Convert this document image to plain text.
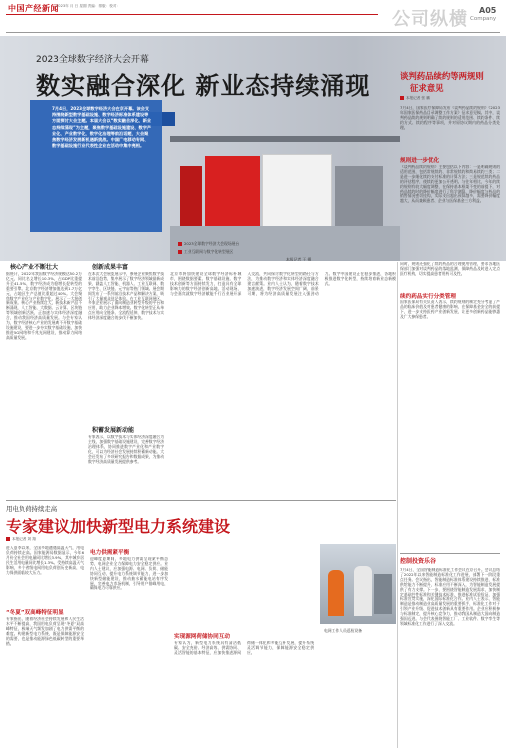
中国产经新闻
2023年 月 日 星期 责编：排版：校对：
公司纵横 A05
Company
2023全球数字经济大会开幕
数实融合深化 新业态持续涌现
7月4日，2023全球数字经济大会在京开幕。该会支持围绕新型数字基础设施、数字经济标准体系建设等方面探讨大会主题。本届大会以“数实融合深化、新业态持续涌现”为主题，聚焦数字基础设施建设、数字产业化、产业数字化，数字化治理等前沿话题，大会聚焦数字经济发展新机遇新挑战。中国广电移动专网、数字基础设施行业代表性企业在活动中集中亮相。
2023全球数字经济大会现场展台
工业互联网与数字化转型展区
本报记者 王 摄
谈判药品续约等两规则
征求意见
本报记者 张 鹏
7月4日，国家医疗保障局发布《谈判药品续约规则》《2023年国家医保药品目录调整工作方案》征求意见稿。其中，谈判药品续约规则明确了续约规则的适用范围、续约条件、续约方式、续约程序等事项，并对原协议期内的药品分类处理。
规则进一步优化
《谈判药品续约规则》主要包括以下内容：一是明确规则的适用范围，包括常规续约、非常规续约和简易续约三类；二是进一步细化续约支付标准的计算方法；三是规范续约药品的评估程序，使续约更加公开透明。与往年相比，今年的续约规则有较大幅度调整，在保持基本框架不变的前提下，对药品续约时的降价幅度进行了科学测算，降价幅度与药品的销售情况密切挂钩，实际支出超出预算越多，需要降价幅度越大，从而兼顾患者、企业与医保基金三方利益。
同时，规则还强化了续约药品的合理使用管理，要求各地医保部门加强对谈判药品的落地监测，保障药品及时进入定点医疗机构，切实提高患者用药可及性。
续约药品实行分类管理
国家医保局有关负责人表示，续约规则的制定充分考虑了产品的临床价值及对患者健康的影响，在保障基金安全的前提下，进一步支持医药产业创新发展，让更多创新药品能够惠及广大参保患者。
核心产业不断壮大
据统计，2022年我国数字经济规模达50.2万亿元，同比名义增长10.3%，占GDP比重提升至41.5%，数字经济成为稳增长促转型的重要引擎。北京数字经济增加值达到1.7万亿元，占地区生产总值比重超过40%。大会聚焦数字产业化与产业数字化，展示了一大批创新成果。核心产业持续壮大，新技术新产品不断涌现，人工智能、大数据、云计算、区块链等领域创新活跃，正加速与实体经济深度融合，推动我国经济高质量发展。与会专家认为，数字经济核心产业的发展离不开数字基础设施建设，要进一步夯实数字基础设施，加快推进5G网络和千兆光网建设，推动算力网络高质量发展。
创新成果丰富
在本次大会展览展示中，参展企业聚焦数字技术前沿趋势，集中展示了数字经济领域最新成果，涵盖人工智能、机器人、工业互联网、数字孪生、区块链、元宇宙等热门领域。展会期间发布了一系列前沿技术产品和解决方案，吸引了大量观众驻足体验。在工业互联网展区，多家企业展示了面向制造业转型升级的平台和应用，助力企业降本增效。数字化转型正从单点应用向全链条、全流程延伸，数字技术与实体经济深度融合的步伐不断加快。
积蓄发展新动能
专家表示，以数字技术与实体经济深度融合为主线，加强数字基础设施建设，完善数字经济治理体系，协同推进数字产业化和产业数字化，可以为经济社会发展持续积蓄新动能。大会还发布了多项研究报告和数据成果，为推动数字经济高质量发展提供参考。
北京市将加快建设全球数字经济标杆城市，围绕数据要素、数字基础设施、数字技术创新等方面持续发力，打造具有全球影响力的数字经济创新高地。活动现场，与会嘉宾就数字经济赋能千行百业展开深入交流，共同探讨数字化转型的路径与方法，为推动数字经济和实体经济深度融合建言献策。业内人士认为，随着数字技术加速演进，数字经济发展空间广阔，前景可期，将为经济高质量发展注入强劲动力。数字中国建设正在稳步推进，各地积极推进数字化转型，持续培育新业态新模式。
用电负荷持续走高
专家建议加快新型电力系统建设
本报记者 刘 翔
进入夏季以来，全国多地遭遇高温天气，用电负荷持续走高。国家能源局数据显示，今年6月份全社会用电量同比增长3.9%，其中城乡居民生活用电量同比增长1.3%。受持续高温天气影响，多个省级电网用电负荷创历史新高，电力保供面临较大压力。
“冬夏”双高峰特征明显
专家指出，随着经济社会持续发展和人民生活水平不断提高，我国用电负荷呈现“冬夏”双高峰特征，极端天气频发加剧了电力供需平衡的难度。构建新型电力系统，既是保障能源安全的需要，也是推动能源绿色低碳转型的重要举措。
电力供需紧平衡
迎峰度夏期间，多地电力供需呈现紧平衡态势，电网企业全力保障电力安全稳定供应。业内人士建议，应加强电源、电网、负荷、储能协同互动，提升电力系统调节能力，进一步加快新型储能建设，推动抽水蓄能电站有序发展，完善电力市场机制，引导用户错峰用电，确保电力可靠供应。
实现源网荷储协同互动
专家认为，新型电力系统具有清洁低碳、安全充裕、经济高效、供需协同、灵活智能的基本特征，应加快推进源网荷储一体化和多能互补发展，提升系统灵活调节能力，保障能源安全稳定供应。
电网工作人员巡检设备
控制投资乐谷
7月4日，全国智能制造标准化工作会议在京召开。会议总结了2022年以来智能制造标准化工作进展，部署下一阶段重点任务。会议指出，智能制造标准体系建设持续推进，标准供给能力不断提升，标准应用不断深入，为智能制造发展提供了有力支撑。下一步，要围绕智能制造发展需求，加快制定基础共性标准和关键技术标准，推进标准试验验证，加强标准宣贯实施，深化国际标准化合作。业内人士表示，智能制造是推动制造业高质量发展的重要抓手，标准化工作对于引领产业升级、促进技术创新具有重要作用。企业应积极参与标准制定，提升核心竞争力，推动我国从制造大国向制造强国迈进。与会代表围绕智能工厂、工业软件、数字孪生等领域标准化工作进行了深入交流。
